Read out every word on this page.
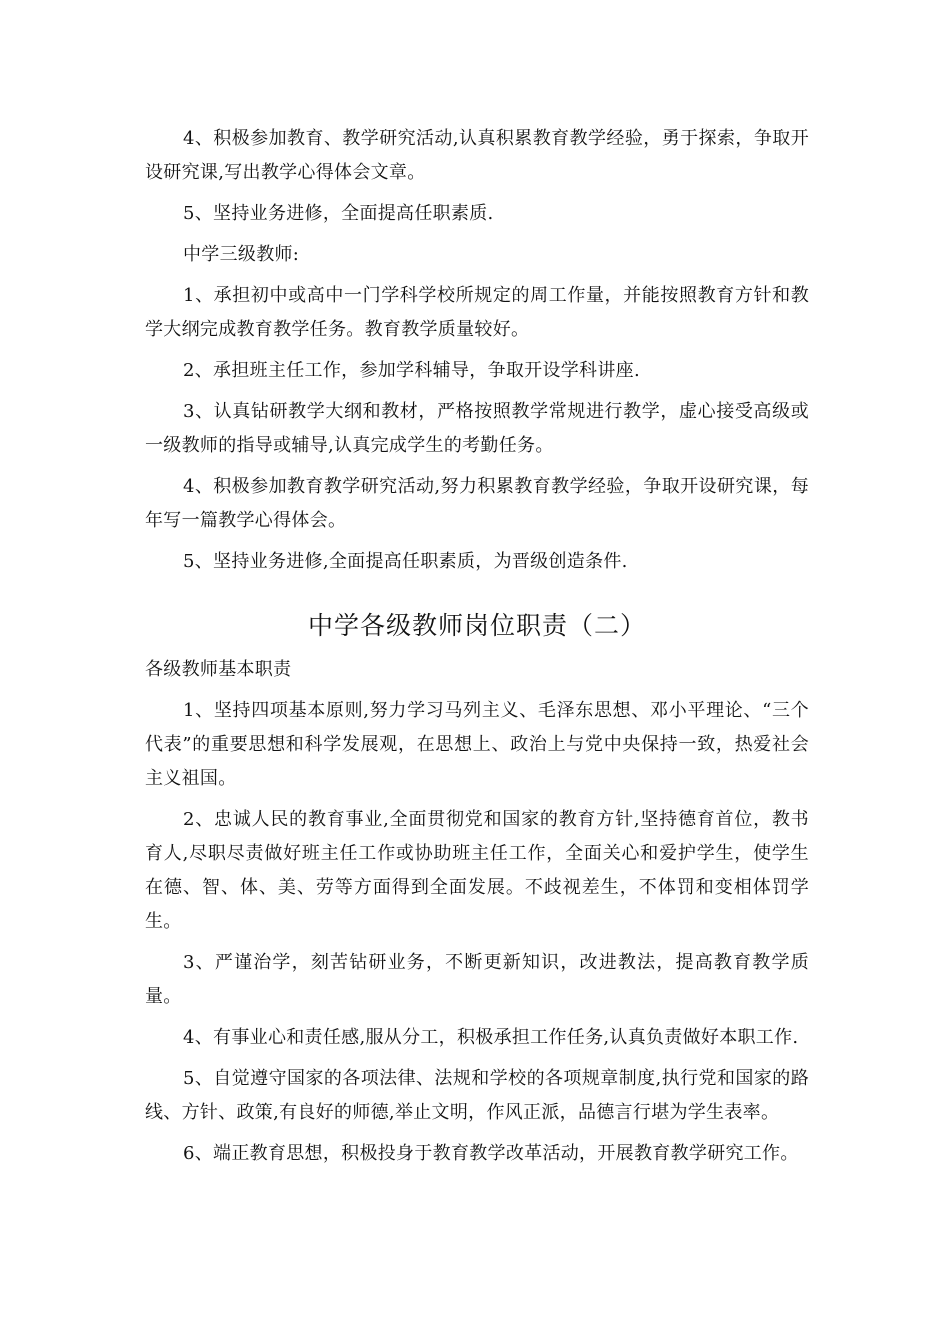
4、积极参加教育、教学研究活动,认真积累教育教学经验，勇于探索，争取开设研究课,写出教学心得体会文章。

5、坚持业务进修，全面提高任职素质.

中学三级教师:

1、承担初中或高中一门学科学校所规定的周工作量，并能按照教育方针和教学大纲完成教育教学任务。教育教学质量较好。

2、承担班主任工作，参加学科辅导，争取开设学科讲座.

3、认真钻研教学大纲和教材，严格按照教学常规进行教学，虚心接受高级或一级教师的指导或辅导,认真完成学生的考勤任务。

4、积极参加教育教学研究活动,努力积累教育教学经验，争取开设研究课，每年写一篇教学心得体会。

5、坚持业务进修,全面提高任职素质，为晋级创造条件.

中学各级教师岗位职责（二）

各级教师基本职责

1、坚持四项基本原则,努力学习马列主义、毛泽东思想、邓小平理论、“三个代表”的重要思想和科学发展观，在思想上、政治上与党中央保持一致，热爱社会主义祖国。

2、忠诚人民的教育事业,全面贯彻党和国家的教育方针,坚持德育首位，教书育人,尽职尽责做好班主任工作或协助班主任工作，全面关心和爱护学生，使学生在德、智、体、美、劳等方面得到全面发展。不歧视差生，不体罚和变相体罚学生。

3、严谨治学，刻苦钻研业务，不断更新知识，改进教法，提高教育教学质量。

4、有事业心和责任感,服从分工，积极承担工作任务,认真负责做好本职工作.

5、自觉遵守国家的各项法律、法规和学校的各项规章制度,执行党和国家的路线、方针、政策,有良好的师德,举止文明，作风正派，品德言行堪为学生表率。

6、端正教育思想，积极投身于教育教学改革活动，开展教育教学研究工作。
